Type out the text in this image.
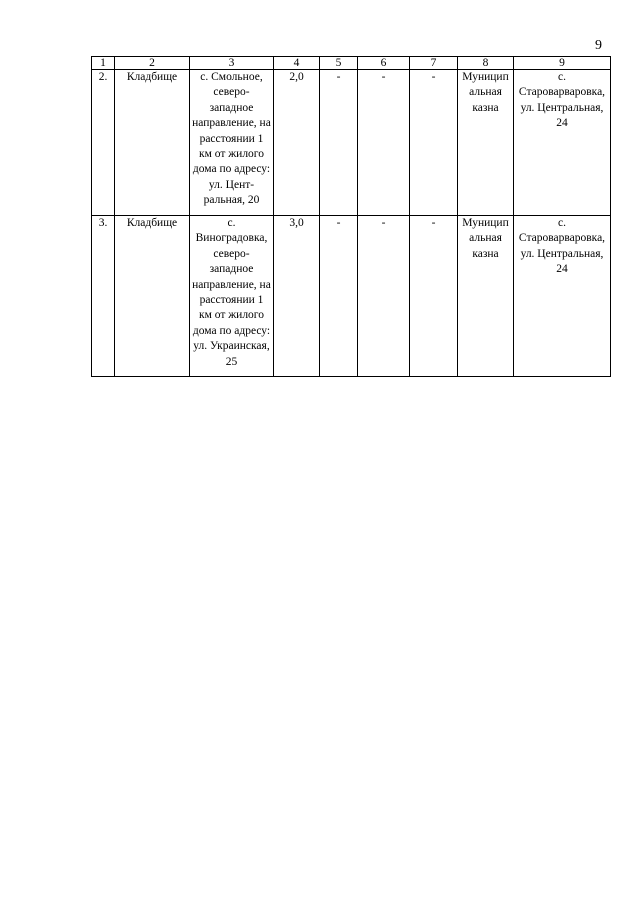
9
1	2	3	4	5	6	7	8	9
2.	Кладбище	с. Смольное, северо-западное направление, на расстоянии 1 км от жилого дома по адресу: ул. Цент-ральная, 20	2,0	-	-	-	Муниципальная казна	с. Староварваровка, ул. Центральная, 24
3.	Кладбище	с. Виноградовка, северо-западное направление, на расстоянии 1 км от жилого дома по адресу: ул. Украинская, 25	3,0	-	-	-	Муниципальная казна	с. Староварваровка, ул. Центральная, 24
